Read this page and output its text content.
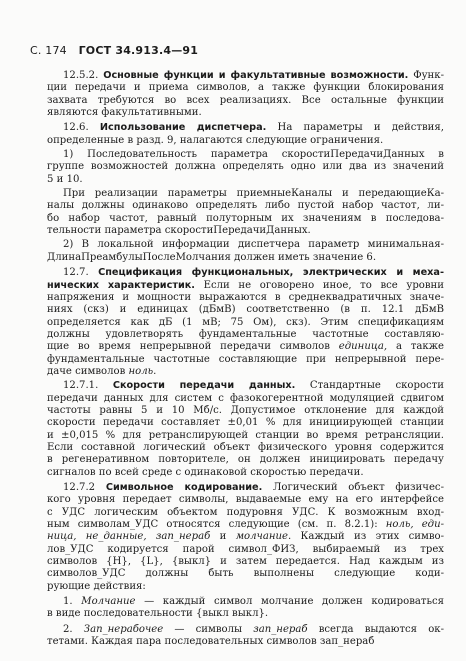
С. 174 ГОСТ 34.913.4—91
12.5.2. Основные функции и факультативные возможности. Функ-
ции передачи и приема символов, а также функции блокирования
захвата требуются во всех реализациях. Все остальные функции
являются факультативными.
12.6. Использование диспетчера. На параметры и действия,
определенные в разд. 9, налагаются следующие ограничения.
1) Последовательность параметра скоростиПередачиДанных в
группе возможностей должна определять одно или два из значений
5 и 10.
При реализации параметры приемныеКаналы и передающиеКа-
налы должны одинаково определять либо пустой набор частот, ли-
бо набор частот, равный полуторным их значениям в последова-
тельности параметра скоростиПередачиДанных.
2) В локальной информации диспетчера параметр минимальная-
ДлинаПреамбулыПослеМолчания должен иметь значение 6.
12.7. Спецификация функциональных, электрических и меха-
нических характеристик. Если не оговорено иное, то все уровни
напряжения и мощности выражаются в среднеквадратичных значе-
ниях (скз) и единицах (дБмВ) соответственно (в п. 12.1 дБмВ
определяется как дБ (1 мВ; 75 Ом), скз). Этим спецификациям
должны удовлетворять фундаментальные частотные составляю-
щие во время непрерывной передачи символов единица, а также
фундаментальные частотные составляющие при непрерывной пере-
даче символов ноль.
12.7.1. Скорости передачи данных. Стандартные скорости
передачи данных для систем с фазокогерентной модуляцией сдвигом
частоты равны 5 и 10 Мб/с. Допустимое отклонение для каждой
скорости передачи составляет ±0,01 % для инициирующей станции
и ±0,015 % для ретранслирующей станции во время ретрансляции.
Если составной логический объект физического уровня содержится
в регенеративном повторителе, он должен инициировать передачу
сигналов по всей среде с одинаковой скоростью передачи.
12.7.2 Символьное кодирование. Логический объект физичес-
кого уровня передает символы, выдаваемые ему на его интерфейсе
с УДС логическим объектом подуровня УДС. К возможным вход-
ным символам_УДС относятся следующие (см. п. 8.2.1): ноль, еди-
ница, не_данные, зап_нераб и молчание. Каждый из этих симво-
лов_УДС кодируется парой символ_ФИЗ, выбираемый из трех
символов {Н}, {L}, {выкл} и затем передается. Над каждым из
символов_УДС должны быть выполнены следующие коди-
рующие действия:
1. Молчание — каждый символ молчание должен кодироваться
в виде последовательности {выкл выкл}.
2. Зап_нерабочее — символы зап_нераб всегда выдаются ок-
тетами. Каждая пара последовательных символов зап_нераб
